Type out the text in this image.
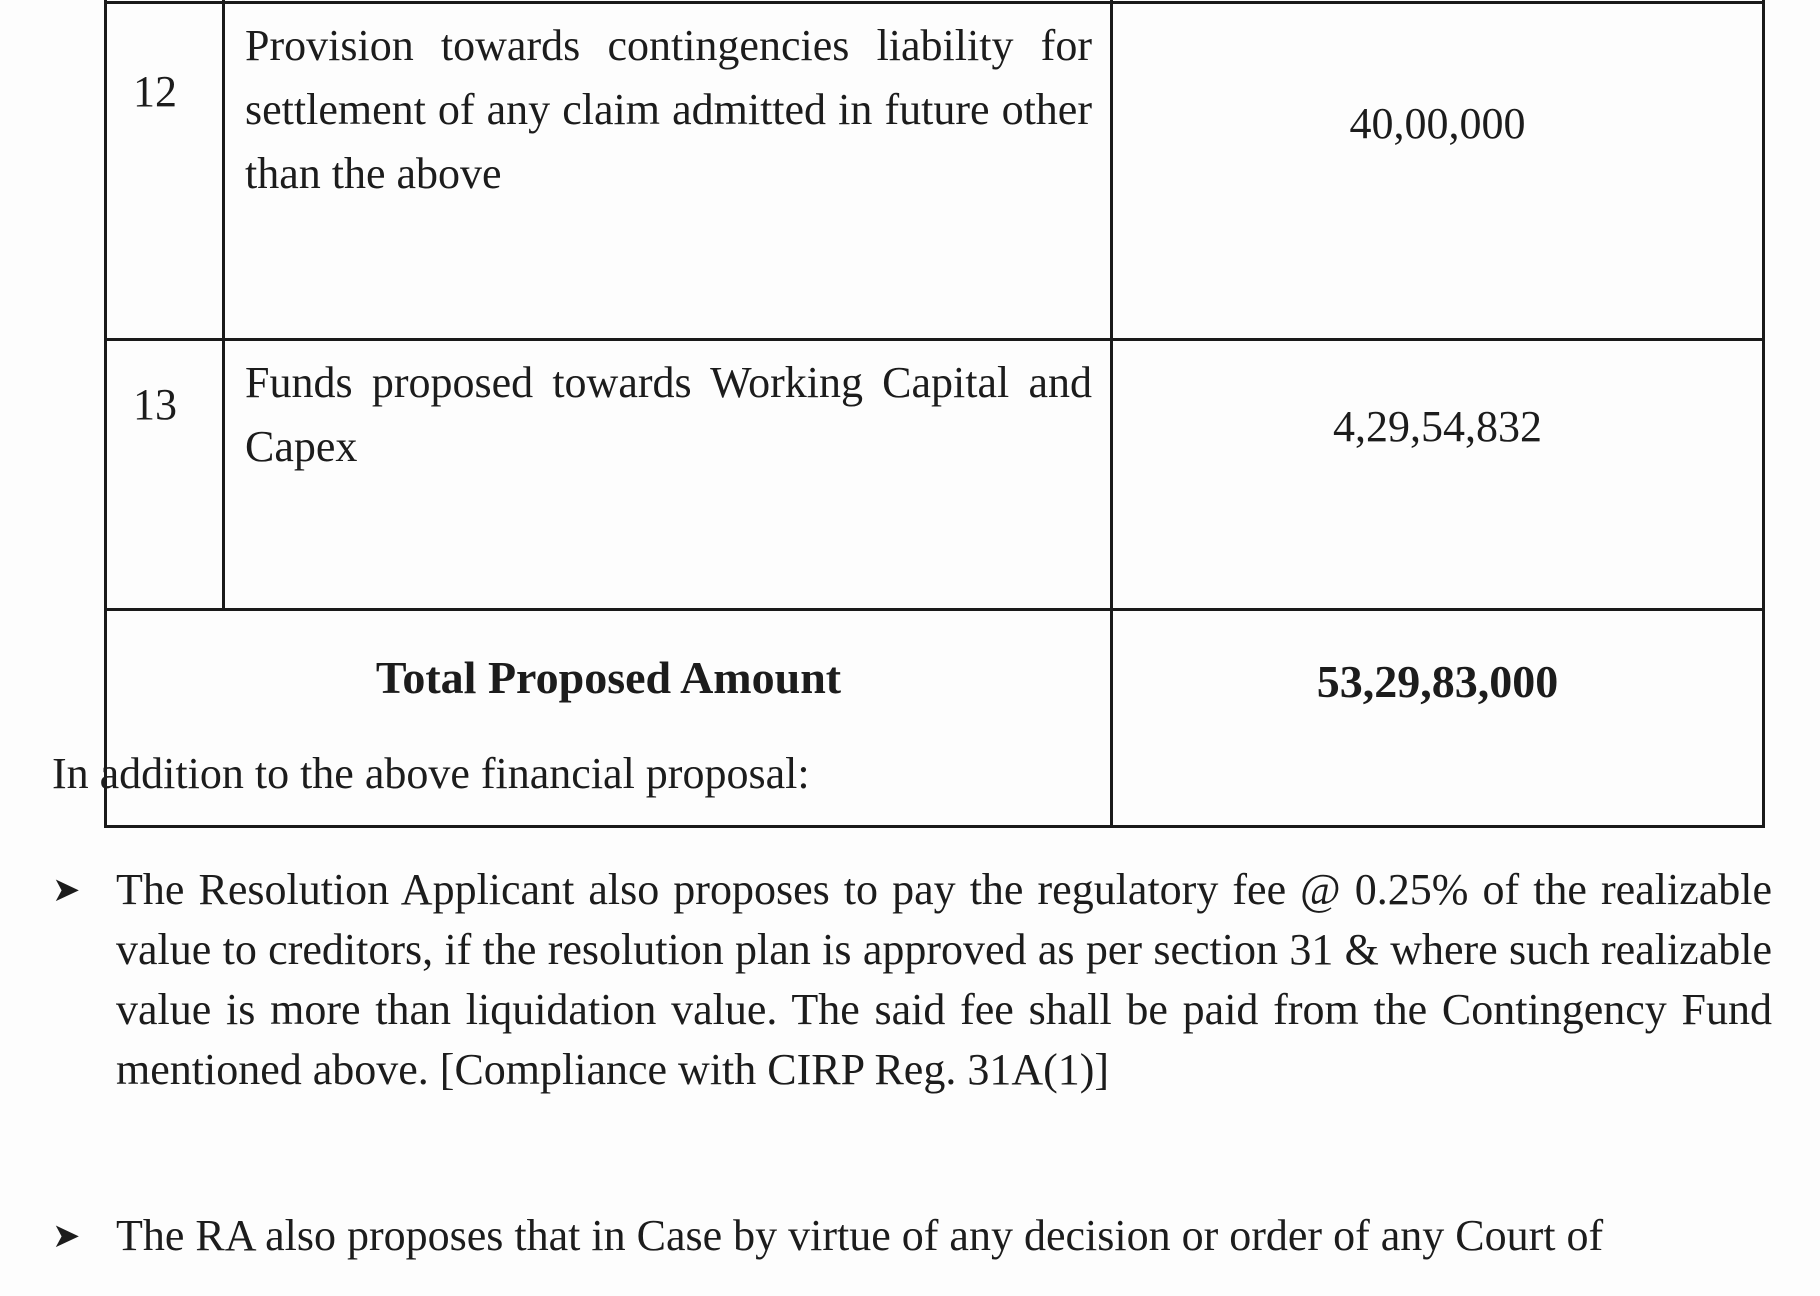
12	Provision towards contingencies liability for settlement of any claim admitted in future other than the above	40,00,000
13	Funds proposed towards Working Capital and Capex	4,29,54,832
Total Proposed Amount		53,29,83,000

In addition to the above financial proposal:

➤ The Resolution Applicant also proposes to pay the regulatory fee @ 0.25% of the realizable value to creditors, if the resolution plan is approved as per section 31 & where such realizable value is more than liquidation value. The said fee shall be paid from the Contingency Fund mentioned above. [Compliance with CIRP Reg. 31A(1)]

➤ The RA also proposes that in Case by virtue of any decision or order of any Court of
